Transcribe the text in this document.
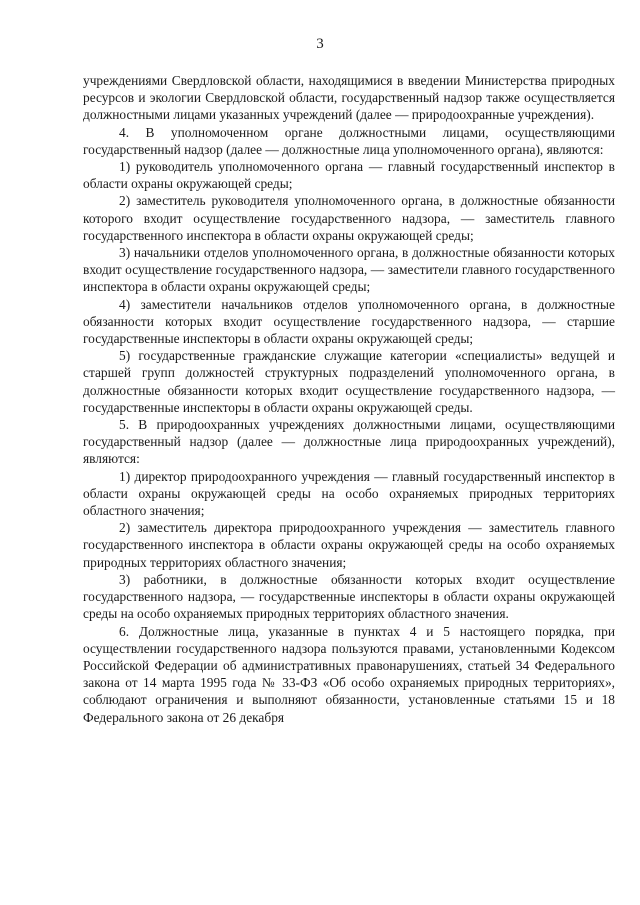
3

учреждениями Свердловской области, находящимися в введении Министерства природных ресурсов и экологии Свердловской области, государственный надзор также осуществляется должностными лицами указанных учреждений (далее — природоохранные учреждения).

4. В уполномоченном органе должностными лицами, осуществляющими государственный надзор (далее — должностные лица уполномоченного органа), являются:

1) руководитель уполномоченного органа — главный государственный инспектор в области охраны окружающей среды;

2) заместитель руководителя уполномоченного органа, в должностные обязанности которого входит осуществление государственного надзора, — заместитель главного государственного инспектора в области охраны окружающей среды;

3) начальники отделов уполномоченного органа, в должностные обязанности которых входит осуществление государственного надзора, — заместители главного государственного инспектора в области охраны окружающей среды;

4) заместители начальников отделов уполномоченного органа, в должностные обязанности которых входит осуществление государственного надзора, — старшие государственные инспекторы в области охраны окружающей среды;

5) государственные гражданские служащие категории «специалисты» ведущей и старшей групп должностей структурных подразделений уполномоченного органа, в должностные обязанности которых входит осуществление государственного надзора, — государственные инспекторы в области охраны окружающей среды.

5. В природоохранных учреждениях должностными лицами, осуществляющими государственный надзор (далее — должностные лица природоохранных учреждений), являются:

1) директор природоохранного учреждения — главный государственный инспектор в области охраны окружающей среды на особо охраняемых природных территориях областного значения;

2) заместитель директора природоохранного учреждения — заместитель главного государственного инспектора в области охраны окружающей среды на особо охраняемых природных территориях областного значения;

3) работники, в должностные обязанности которых входит осуществление государственного надзора, — государственные инспекторы в области охраны окружающей среды на особо охраняемых природных территориях областного значения.

6. Должностные лица, указанные в пунктах 4 и 5 настоящего порядка, при осуществлении государственного надзора пользуются правами, установленными Кодексом Российской Федерации об административных правонарушениях, статьей 34 Федерального закона от 14 марта 1995 года № 33-ФЗ «Об особо охраняемых природных территориях», соблюдают ограничения и выполняют обязанности, установленные статьями 15 и 18 Федерального закона от 26 декабря
